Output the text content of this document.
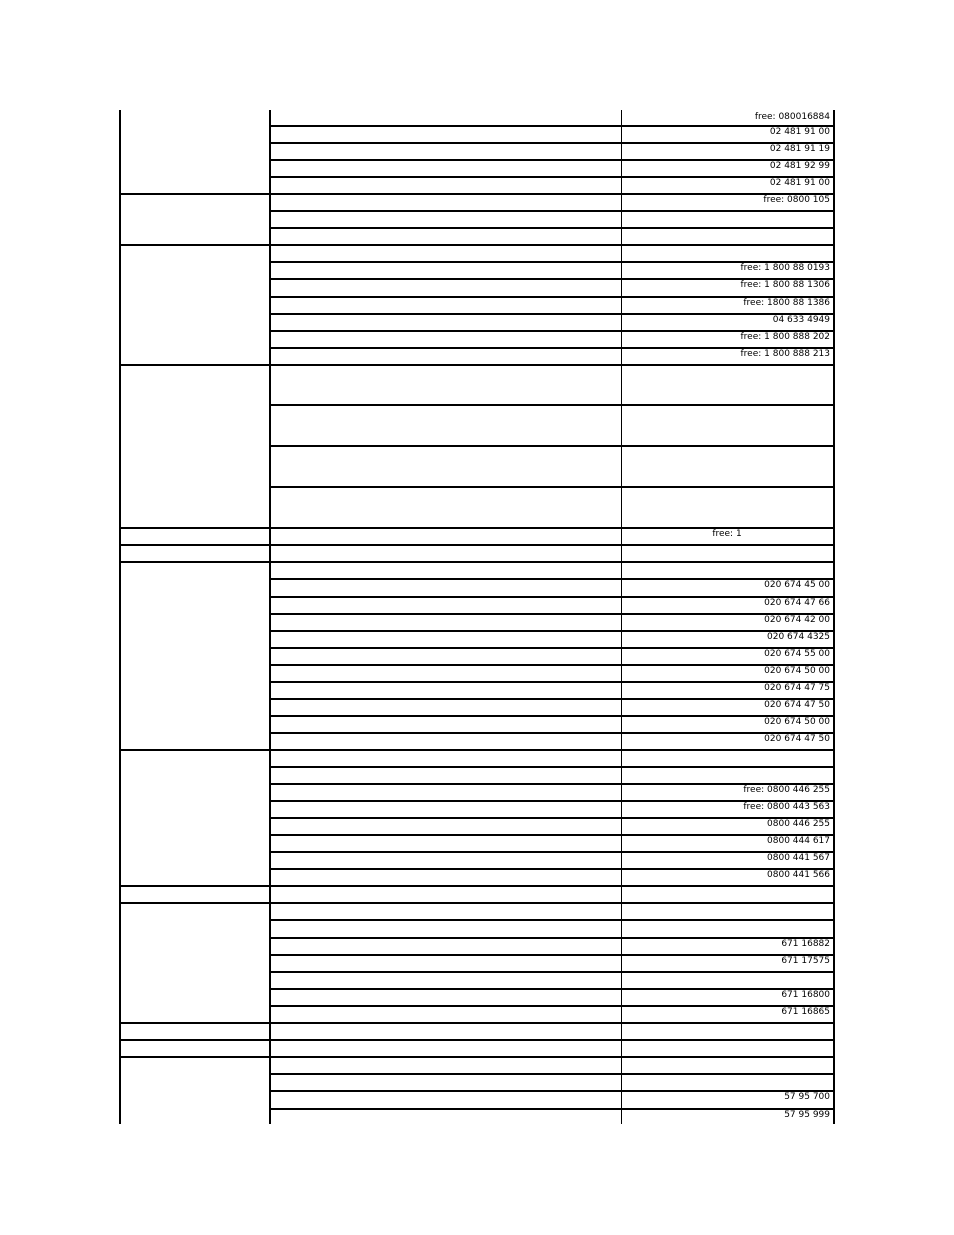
free: 080016884
02 481 91 00
02 481 91 19
02 481 92 99
02 481 91 00
free: 0800 105
free: 1 800 88 0193
free: 1 800 88 1306
free: 1800 88 1386
04 633 4949
free: 1 800 888 202
free: 1 800 888 213
free: 1
020 674 45 00
020 674 47 66
020 674 42 00
020 674 4325
020 674 55 00
020 674 50 00
020 674 47 75
020 674 47 50
020 674 50 00
020 674 47 50
free: 0800 446 255
free: 0800 443 563
0800 446 255
0800 444 617
0800 441 567
0800 441 566
671 16882
671 17575
671 16800
671 16865
57 95 700
57 95 999
